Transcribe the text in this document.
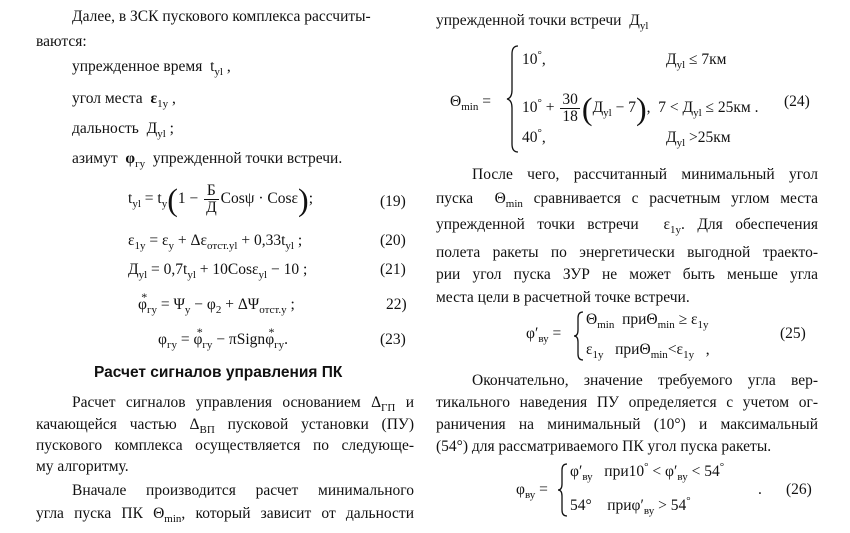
Далее, в ЗСК пускового комплекса рассчиты-
ваются:
упрежденное время  $t_{yl}$ ,
угол места $\varepsilon_{1y}$ ,
дальность  $Д_{yl}$ ;
азимут $\varphi_{гу}$ упрежденной точки встречи.
$t_{yl} = t_y(1 - \frac{Б}{Д}$ Cosψ · Cosε);	(19)
$\varepsilon_{1y} = \varepsilon_y + \Delta\varepsilon_{отст.yl} + 0,33t_{yl}$ ;	(20)
$Д_{yl} = 0,7t_{yl} + 10Cos\varepsilon_{yl} - 10$ ;	(21)
φ $*_{гу} = \Psi_y - \varphi_2 + \Delta\Psi_{отст.y}$ ;	22)
$\varphi_{гу} = \varphi$ $*_{гу}$ − πSignφ $*_{гу}$.	(23)
Расчет сигналов управления ПК
Расчет сигналов управления основанием $\Delta_{ГП}$ и
качающейся частью $\Delta_{ВП}$ пусковой установки (ПУ)
пускового комплекса осуществляется по следующе-
му алгоритму.
Вначале производится расчет минимального
угла пуска ПК $\Theta_{min}$, который зависит от дальности
упрежденной точки встречи  $Д_{yl}$
$\Theta_{min}$ =
10°,	$Д_{yl} \le 7км$
$10^\circ + \frac{30}{18} (Д_{yl} - 7)$,  $7 < Д_{yl} \le 25км$ . (24)
40°,	$Д_{yl} >25км$
После чего, рассчитанный минимальный угол
пуска  $\Theta_{min}$ сравнивается с расчетным углом места
упрежденной точки встречи  $\varepsilon_{1y}$. Для обеспечения
полета ракеты по энергетически выгодной траекто-
рии угол пуска ЗУР не может быть меньше угла
места цели в расчетной точке встречи.
$\varphi'_{ву}$ =
$\Theta_{min}$  $при\Theta_{min} \ge \varepsilon_{1y}$
$\varepsilon_{1y}$   $при\Theta_{min}<\varepsilon_{1y}$   ,
(25)
Окончательно, значение требуемого угла вер-
тикального наведения ПУ определяется с учетом ог-
раничения на минимальный (10°) и максимальный
(54°) для рассматриваемого ПК угол пуска ракеты.
$\varphi_{ву}$ =
$\varphi'_{ву}$   $при10^\circ < \varphi'_{ву} < 54^\circ$
54°    $при\varphi'_{ву} > 54^\circ$
. (26)
